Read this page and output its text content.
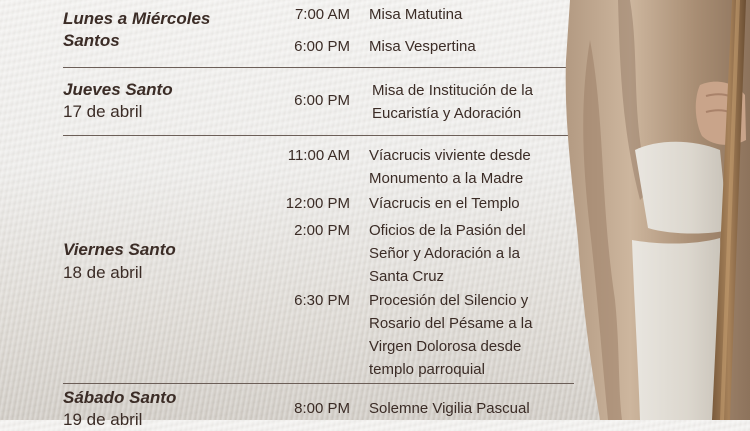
Lunes a Miércoles
Santos
7:00 AM Misa Matutina
6:00 PM Misa Vespertina
Jueves Santo
17 de abril
6:00 PM
Misa de Institución de la
Eucaristía y Adoración
Viernes Santo
18 de abril
11:00 AM Víacrucis viviente desde
Monumento a la Madre
12:00 PM Víacrucis en el Templo
2:00 PM Oficios de la Pasión del
Señor y Adoración a la
Santa Cruz
6:30 PM Procesión del Silencio y
Rosario del Pésame a la
Virgen Dolorosa desde
templo parroquial
Sábado Santo
19 de abril
8:00 PM Solemne Vigilia Pascual
